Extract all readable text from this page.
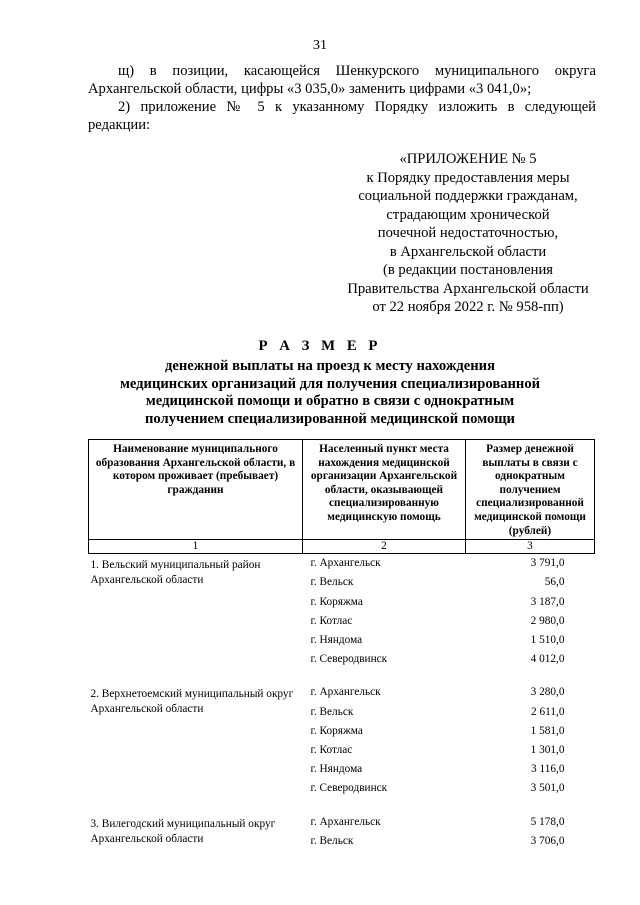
31
щ) в позиции, касающейся Шенкурского муниципального округа
Архангельской области, цифры «3 035,0» заменить цифрами «3 041,0»;
2) приложение № 5 к указанному Порядку изложить в следующей
редакции:
«ПРИЛОЖЕНИЕ № 5
к Порядку предоставления меры
социальной поддержки гражданам,
страдающим хронической
почечной недостаточностью,
в Архангельской области
(в редакции постановления
Правительства Архангельской области
от 22 ноября 2022 г. № 958-пп)
Р А З М Е Р
денежной выплаты на проезд к месту нахождения
медицинских организаций для получения специализированной
медицинской помощи и обратно в связи с однократным
получением специализированной медицинской помощи
Наименование муниципального образования Архангельской области, в котором проживает (пребывает) гражданин	Населенный пункт места нахождения медицинской организации Архангельской области, оказывающей специализированную медицинскую помощь	Размер денежной выплаты в связи с однократным получением специализированной медицинской помощи (рублей)
1	2	3
1. Вельский муниципальный район Архангельской области	г. Архангельск	3 791,0
	г. Вельск	56,0
	г. Коряжма	3 187,0
	г. Котлас	2 980,0
	г. Няндома	1 510,0
	г. Северодвинск	4 012,0

2. Верхнетоемский муниципальный округ Архангельской области	г. Архангельск	3 280,0
	г. Вельск	2 611,0
	г. Коряжма	1 581,0
	г. Котлас	1 301,0
	г. Няндома	3 116,0
	г. Северодвинск	3 501,0

3. Вилегодский муниципальный округ Архангельской области	г. Архангельск	5 178,0
	г. Вельск	3 706,0
